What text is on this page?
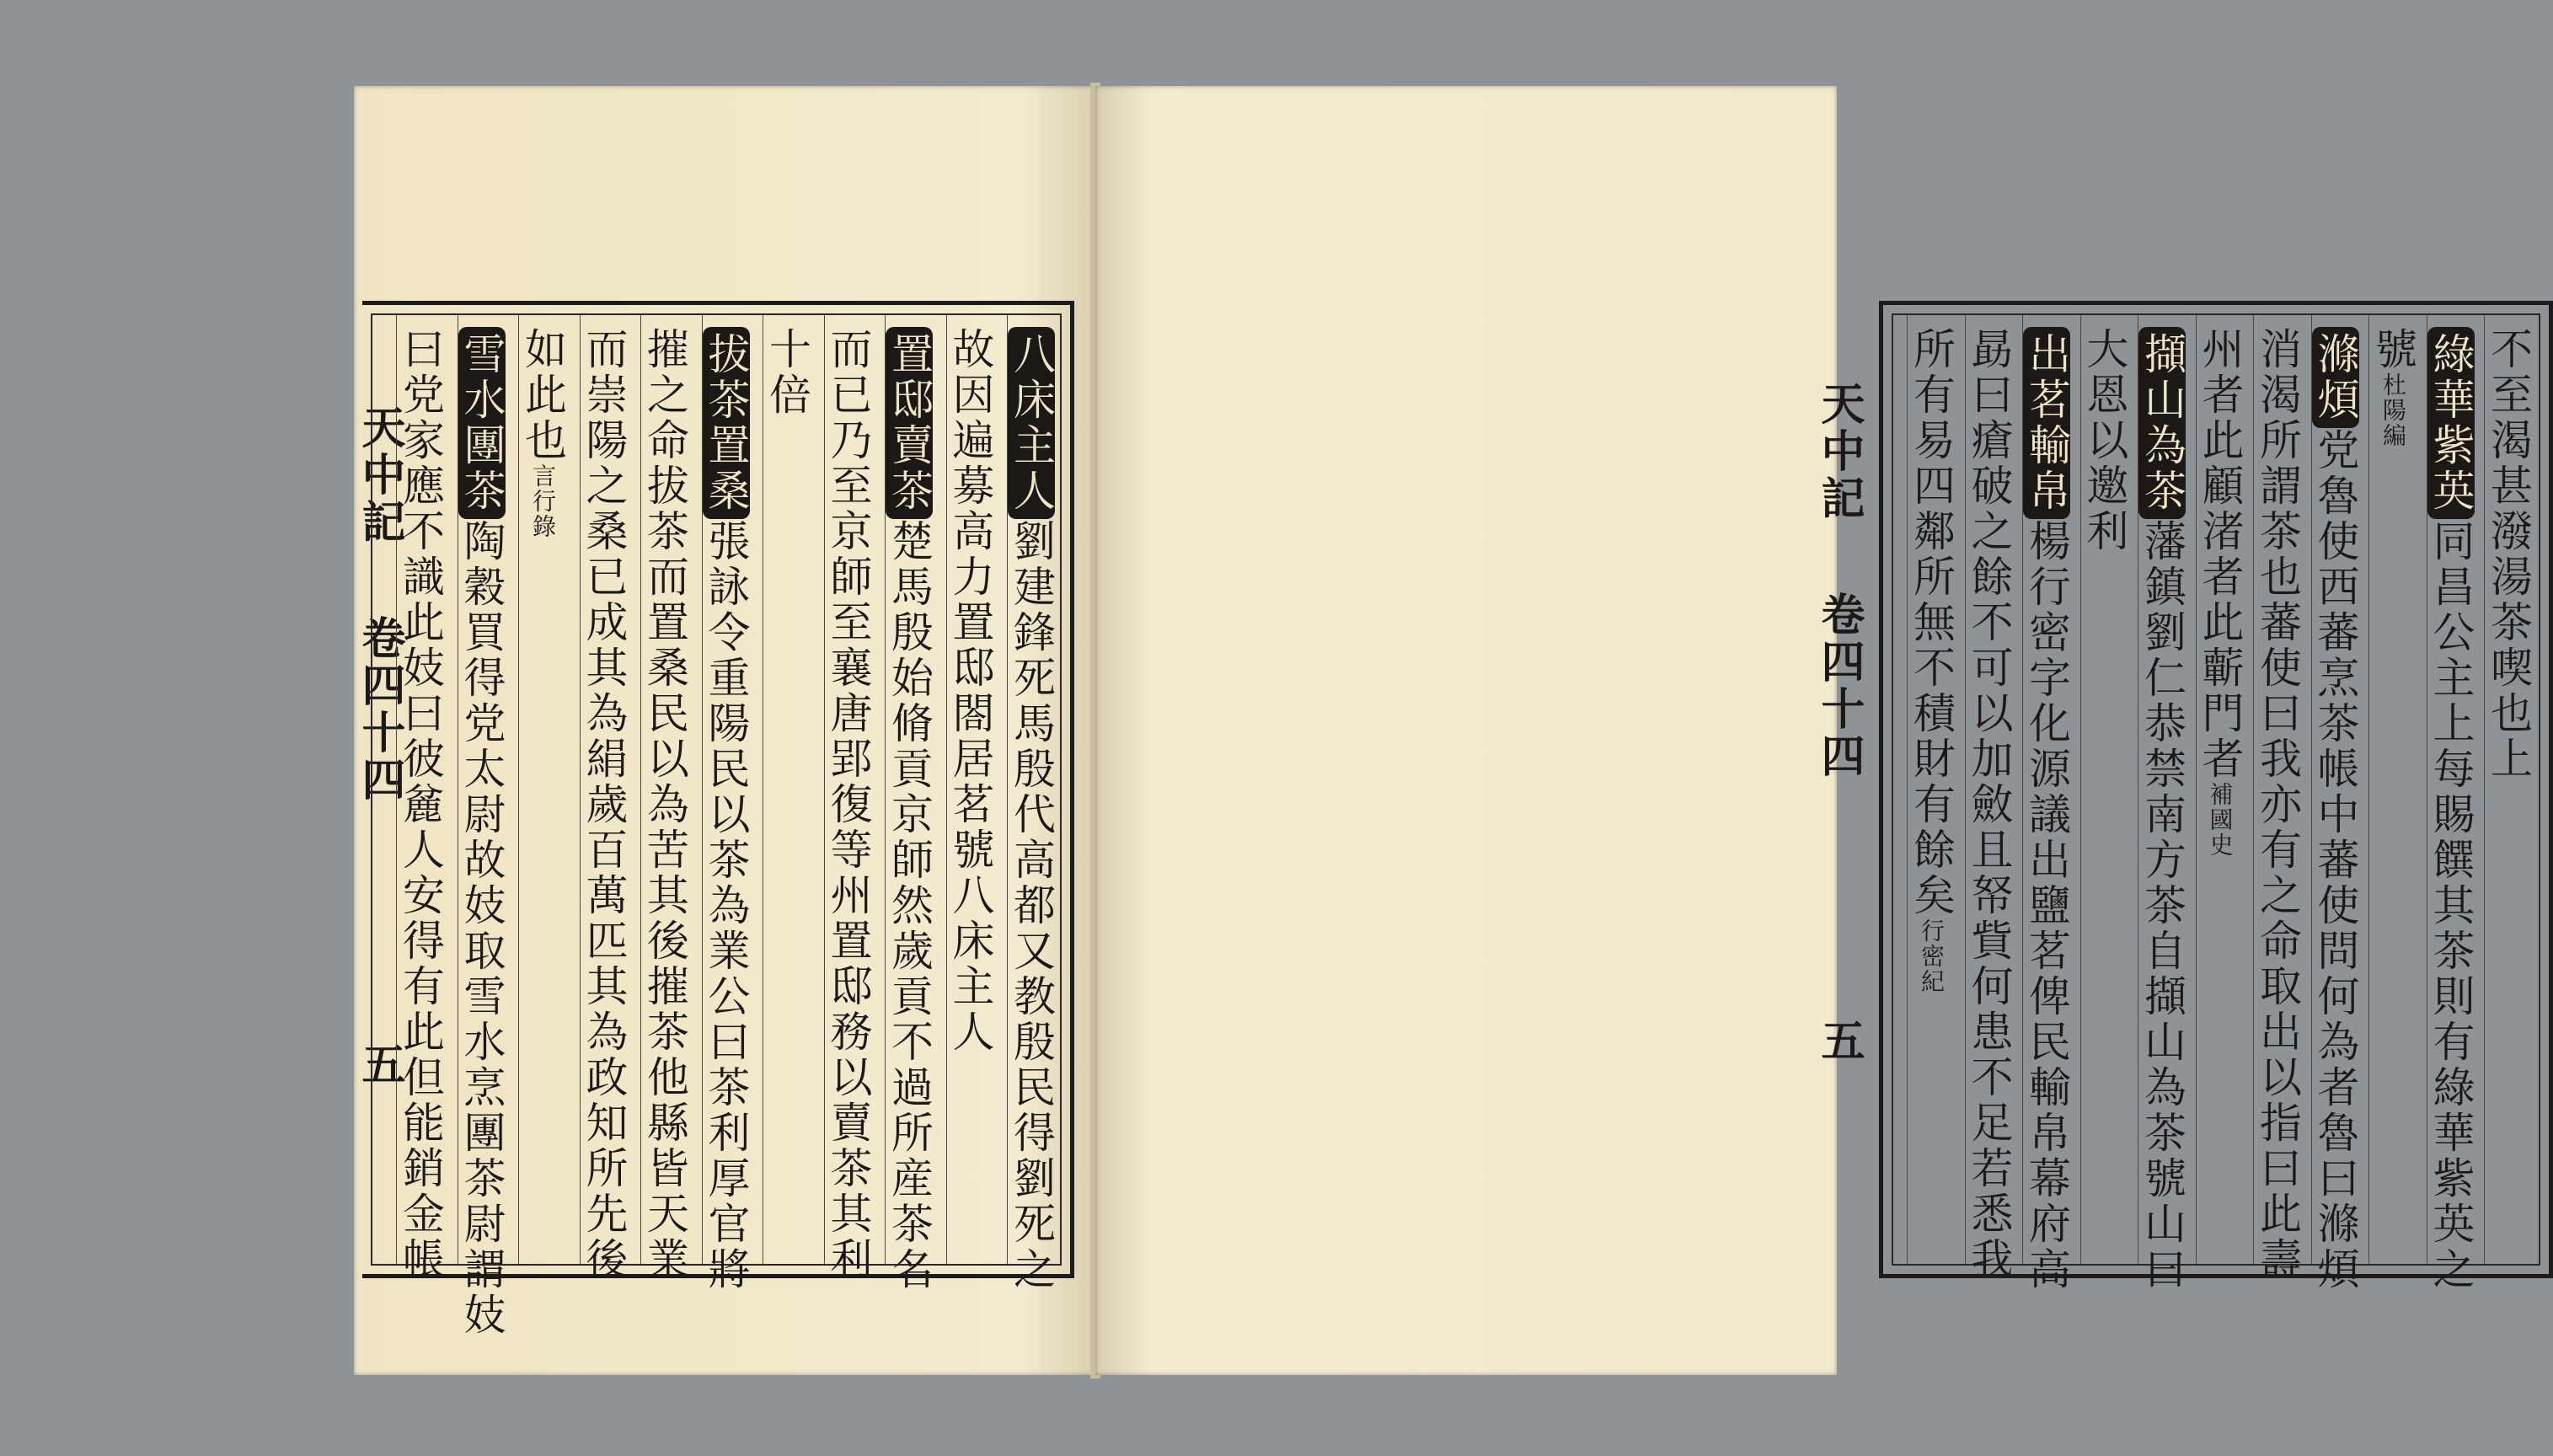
天中記 卷四十四 五
八床主人劉建鋒死馬殷代高都又教殷民得劉死之
故因遍募高力置邸閤居茗號八床主人
置邸賣茶楚馬殷始脩貢京師然歲貢不過所産茶名
而已乃至京師至襄唐郢復等州置邸務以賣茶其利
十倍
拔茶置桑張詠令重陽民以茶為業公曰茶利厚官將
摧之命拔茶而置桑民以為苦其後摧茶他縣皆天業
而崇陽之桑已成其為絹歲百萬匹其為政知所先後
如此也言行錄
雪水團茶陶穀買得党太尉故妓取雪水烹團茶尉謂妓
曰党家應不識此妓曰彼麄人安得有此但能銷金帳	不至渴甚潑湯茶喫也上
綠華紫英同昌公主上每賜饌其茶則有綠華紫英之
號杜陽編
滌煩党魯使西蕃烹茶帳中蕃使問何為者魯曰滌煩
消渴所謂茶也蕃使曰我亦有之命取出以指曰此壽
州者此顧渚者此蘄門者補國史
擷山為茶藩鎮劉仁恭禁南方茶自擷山為茶號山曰
大恩以邀利
出茗輸帛楊行密字化源議出鹽茗俾民輸帛幕府高
勗曰瘡破之餘不可以加斂且帑貲何患不足若悉我
所有易四鄰所無不積財有餘矣行密紀
天中記 卷四十四 五
